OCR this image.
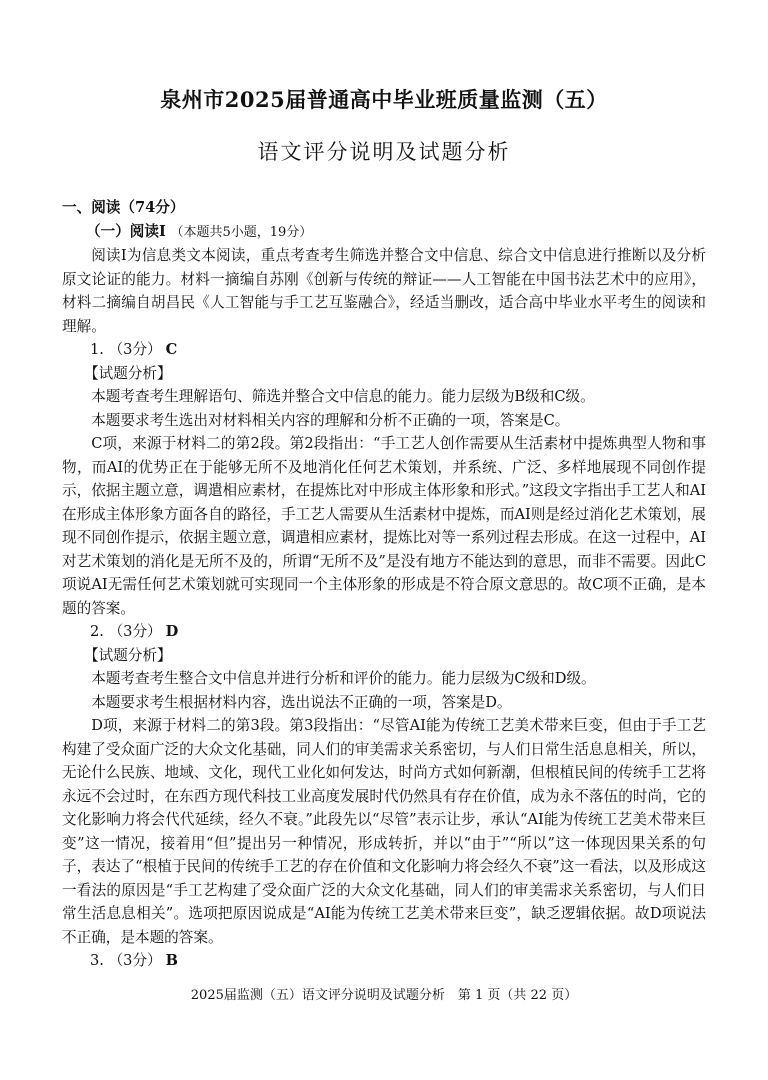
泉州市2025届普通高中毕业班质量监测（五）
语文评分说明及试题分析

一、阅读（74分）

（一）阅读Ⅰ （本题共5小题，19分）

阅读Ⅰ为信息类文本阅读，重点考查考生筛选并整合文中信息、综合文中信息进行推断以及分析原文论证的能力。材料一摘编自苏刚《创新与传统的辩证——人工智能在中国书法艺术中的应用》，材料二摘编自胡昌民《人工智能与手工艺互鉴融合》，经适当删改，适合高中毕业水平考生的阅读和理解。

1. （3分） C

【试题分析】

本题考查考生理解语句、筛选并整合文中信息的能力。能力层级为B级和C级。

本题要求考生选出对材料相关内容的理解和分析不正确的一项，答案是C。

C项，来源于材料二的第2段。第2段指出：“手工艺人创作需要从生活素材中提炼典型人物和事物，而AI的优势正在于能够无所不及地消化任何艺术策划，并系统、广泛、多样地展现不同创作提示，依据主题立意，调遣相应素材，在提炼比对中形成主体形象和形式。”这段文字指出手工艺人和AI在形成主体形象方面各自的路径，手工艺人需要从生活素材中提炼，而AI则是经过消化艺术策划，展现不同创作提示，依据主题立意，调遣相应素材，提炼比对等一系列过程去形成。在这一过程中，AI对艺术策划的消化是无所不及的，所谓“无所不及”是没有地方不能达到的意思，而非不需要。因此C项说AI无需任何艺术策划就可实现同一个主体形象的形成是不符合原文意思的。故C项不正确，是本题的答案。

2. （3分） D

【试题分析】

本题考查考生整合文中信息并进行分析和评价的能力。能力层级为C级和D级。

本题要求考生根据材料内容，选出说法不正确的一项，答案是D。

D项，来源于材料二的第3段。第3段指出：“尽管AI能为传统工艺美术带来巨变，但由于手工艺构建了受众面广泛的大众文化基础，同人们的审美需求关系密切，与人们日常生活息息相关，所以，无论什么民族、地域、文化，现代工业化如何发达，时尚方式如何新潮，但根植民间的传统手工艺将永远不会过时，在东西方现代科技工业高度发展时代仍然具有存在价值，成为永不落伍的时尚，它的文化影响力将会代代延续，经久不衰。”此段先以“尽管”表示让步，承认“AI能为传统工艺美术带来巨变”这一情况，接着用“但”提出另一种情况，形成转折，并以“由于”“所以”这一体现因果关系的句子，表达了“根植于民间的传统手工艺的存在价值和文化影响力将会经久不衰”这一看法，以及形成这一看法的原因是“手工艺构建了受众面广泛的大众文化基础，同人们的审美需求关系密切，与人们日常生活息息相关”。选项把原因说成是“AI能为传统工艺美术带来巨变”，缺乏逻辑依据。故D项说法不正确，是本题的答案。

3. （3分） B

2025届监测（五）语文评分说明及试题分析　第 1 页（共 22 页）
